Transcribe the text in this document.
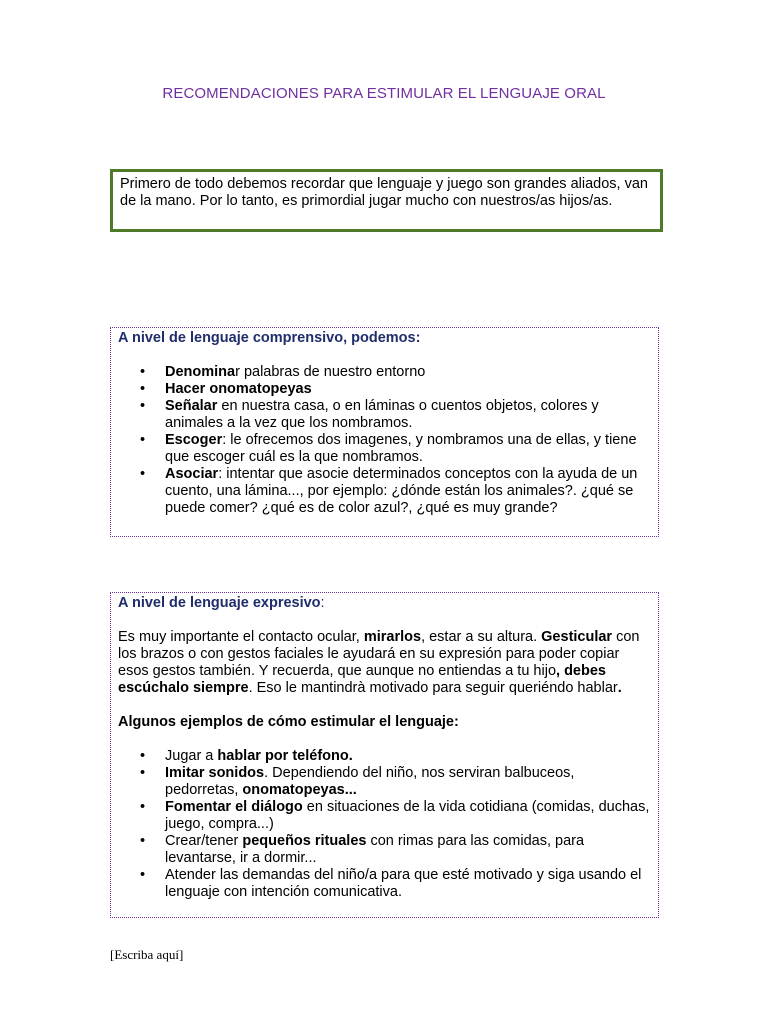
RECOMENDACIONES PARA ESTIMULAR EL LENGUAJE ORAL
Primero de todo debemos recordar que lenguaje y juego son grandes aliados, van de la mano. Por lo tanto, es primordial jugar mucho con nuestros/as hijos/as.

A nivel de lenguaje comprensivo, podemos:

• Denominar palabras de nuestro entorno
• Hacer onomatopeyas
• Señalar en nuestra casa, o en láminas o cuentos objetos, colores y animales a la vez que los nombramos.
• Escoger: le ofrecemos dos imagenes, y nombramos una de ellas, y tiene que escoger cuál es la que nombramos.
• Asociar: intentar que asocie determinados conceptos con la ayuda de un cuento, una lámina..., por ejemplo: ¿dónde están los animales?. ¿qué se puede comer? ¿qué es de color azul?, ¿qué es muy grande?

A nivel de lenguaje expresivo:

Es muy importante el contacto ocular, mirarlos, estar a su altura. Gesticular con los brazos o con gestos faciales le ayudará en su expresión para poder copiar esos gestos también. Y recuerda, que aunque no entiendas a tu hijo, debes escúchalo siempre. Eso le mantindrà motivado para seguir queriéndo hablar.

Algunos ejemplos de cómo estimular el lenguaje:

• Jugar a hablar por teléfono.
• Imitar sonidos. Dependiendo del niño, nos serviran balbuceos, pedorretas, onomatopeyas...
• Fomentar el diálogo en situaciones de la vida cotidiana (comidas, duchas, juego, compra...)
• Crear/tener pequeños rituales con rimas para las comidas, para levantarse, ir a dormir...
• Atender las demandas del niño/a para que esté motivado y siga usando el lenguaje con intención comunicativa.
[Escriba aquí]
